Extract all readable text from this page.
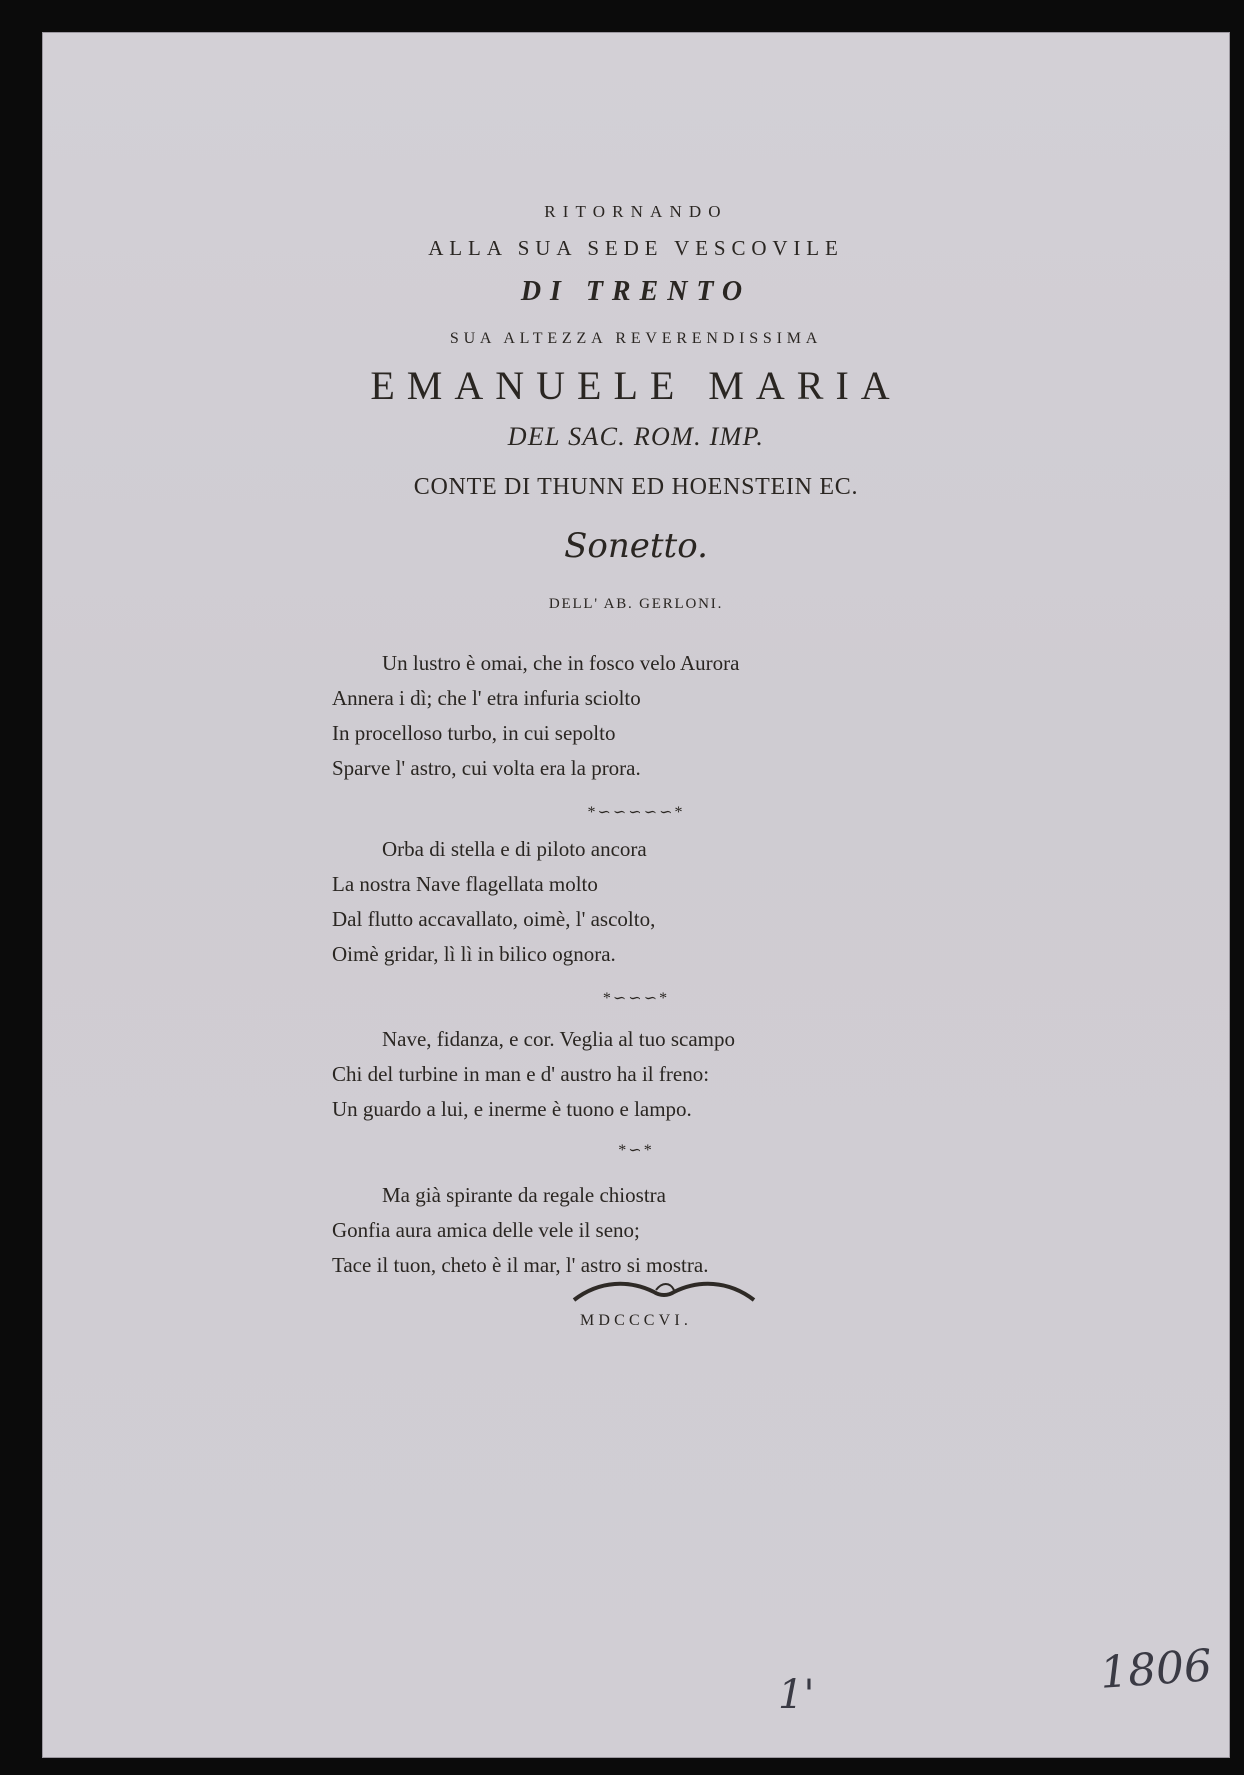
RITORNANDO
ALLA SUA SEDE VESCOVILE
DI TRENTO
SUA ALTEZZA REVERENDISSIMA
EMANUELE MARIA
DEL SAC. ROM. IMP.
CONTE DI THUNN ED HOENSTEIN EC.
Sonetto.
DELL' AB. GERLONI.
Un lustro è omai, che in fosco velo Aurora
Annera i dì; che l' etra infuria sciolto
In procelloso turbo, in cui sepolto
Sparve l' astro, cui volta era la prora.
*∽∽∽∽∽*
Orba di stella e di piloto ancora
La nostra Nave flagellata molto
Dal flutto accavallato, oimè, l' ascolto,
Oimè gridar, lì lì in bilico ognora.
*∽∽∽*
Nave, fidanza, e cor. Veglia al tuo scampo
Chi del turbine in man e d' austro ha il freno:
Un guardo a lui, e inerme è tuono e lampo.
*∽*
Ma già spirante da regale chiostra
Gonfia aura amica delle vele il seno;
Tace il tuon, cheto è il mar, l' astro si mostra.
MDCCCVI.
1'	1806
